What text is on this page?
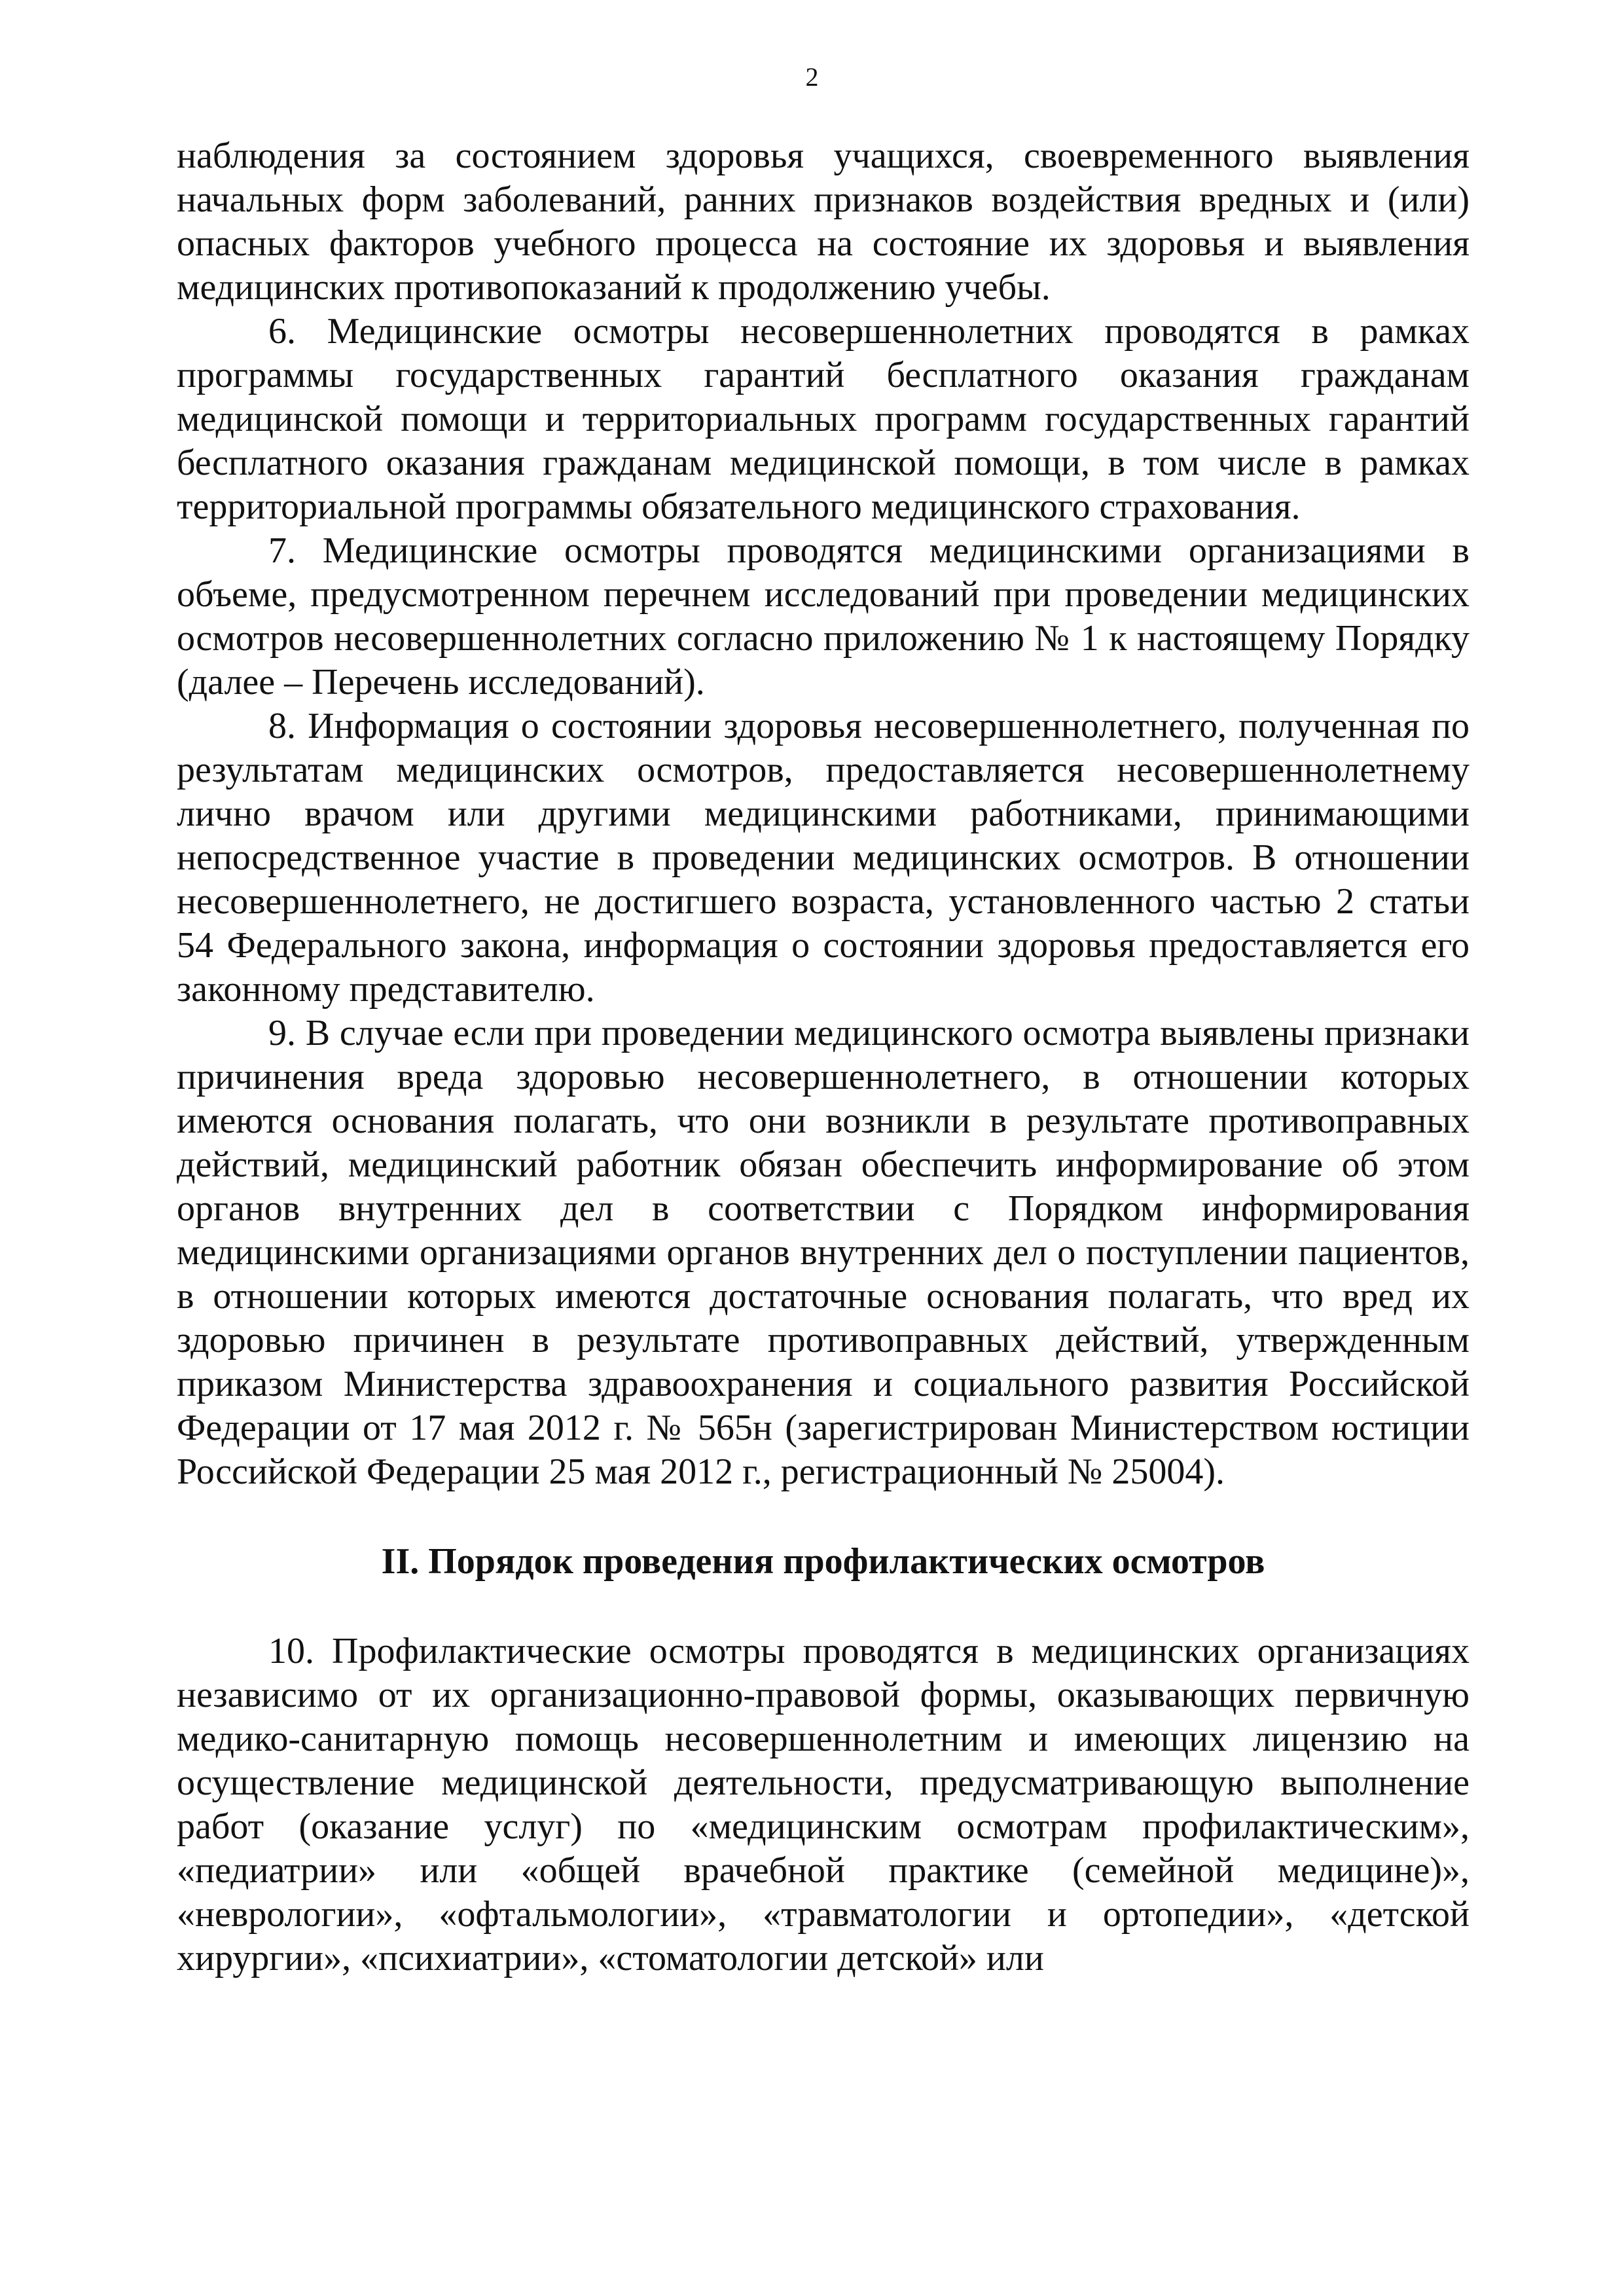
2

наблюдения за состоянием здоровья учащихся, своевременного выявления начальных форм заболеваний, ранних признаков воздействия вредных и (или) опасных факторов учебного процесса на состояние их здоровья и выявления медицинских противопоказаний к продолжению учебы.

6. Медицинские осмотры несовершеннолетних проводятся в рамках программы государственных гарантий бесплатного оказания гражданам медицинской помощи и территориальных программ государственных гарантий бесплатного оказания гражданам медицинской помощи, в том числе в рамках территориальной программы обязательного медицинского страхования.

7. Медицинские осмотры проводятся медицинскими организациями в объеме, предусмотренном перечнем исследований при проведении медицинских осмотров несовершеннолетних согласно приложению № 1 к настоящему Порядку (далее – Перечень исследований).

8. Информация о состоянии здоровья несовершеннолетнего, полученная по результатам медицинских осмотров, предоставляется несовершеннолетнему лично врачом или другими медицинскими работниками, принимающими непосредственное участие в проведении медицинских осмотров. В отношении несовершеннолетнего, не достигшего возраста, установленного частью 2 статьи 54 Федерального закона, информация о состоянии здоровья предоставляется его законному представителю.

9. В случае если при проведении медицинского осмотра выявлены признаки причинения вреда здоровью несовершеннолетнего, в отношении которых имеются основания полагать, что они возникли в результате противоправных действий, медицинский работник обязан обеспечить информирование об этом органов внутренних дел в соответствии с Порядком информирования медицинскими организациями органов внутренних дел о поступлении пациентов, в отношении которых имеются достаточные основания полагать, что вред их здоровью причинен в результате противоправных действий, утвержденным приказом Министерства здравоохранения и социального развития Российской Федерации от 17 мая 2012 г. № 565н (зарегистрирован Министерством юстиции Российской Федерации 25 мая 2012 г., регистрационный № 25004).

II. Порядок проведения профилактических осмотров

10. Профилактические осмотры проводятся в медицинских организациях независимо от их организационно-правовой формы, оказывающих первичную медико-санитарную помощь несовершеннолетним и имеющих лицензию на осуществление медицинской деятельности, предусматривающую выполнение работ (оказание услуг) по «медицинским осмотрам профилактическим», «педиатрии» или «общей врачебной практике (семейной медицине)», «неврологии», «офтальмологии», «травматологии и ортопедии», «детской хирургии», «психиатрии», «стоматологии детской» или
